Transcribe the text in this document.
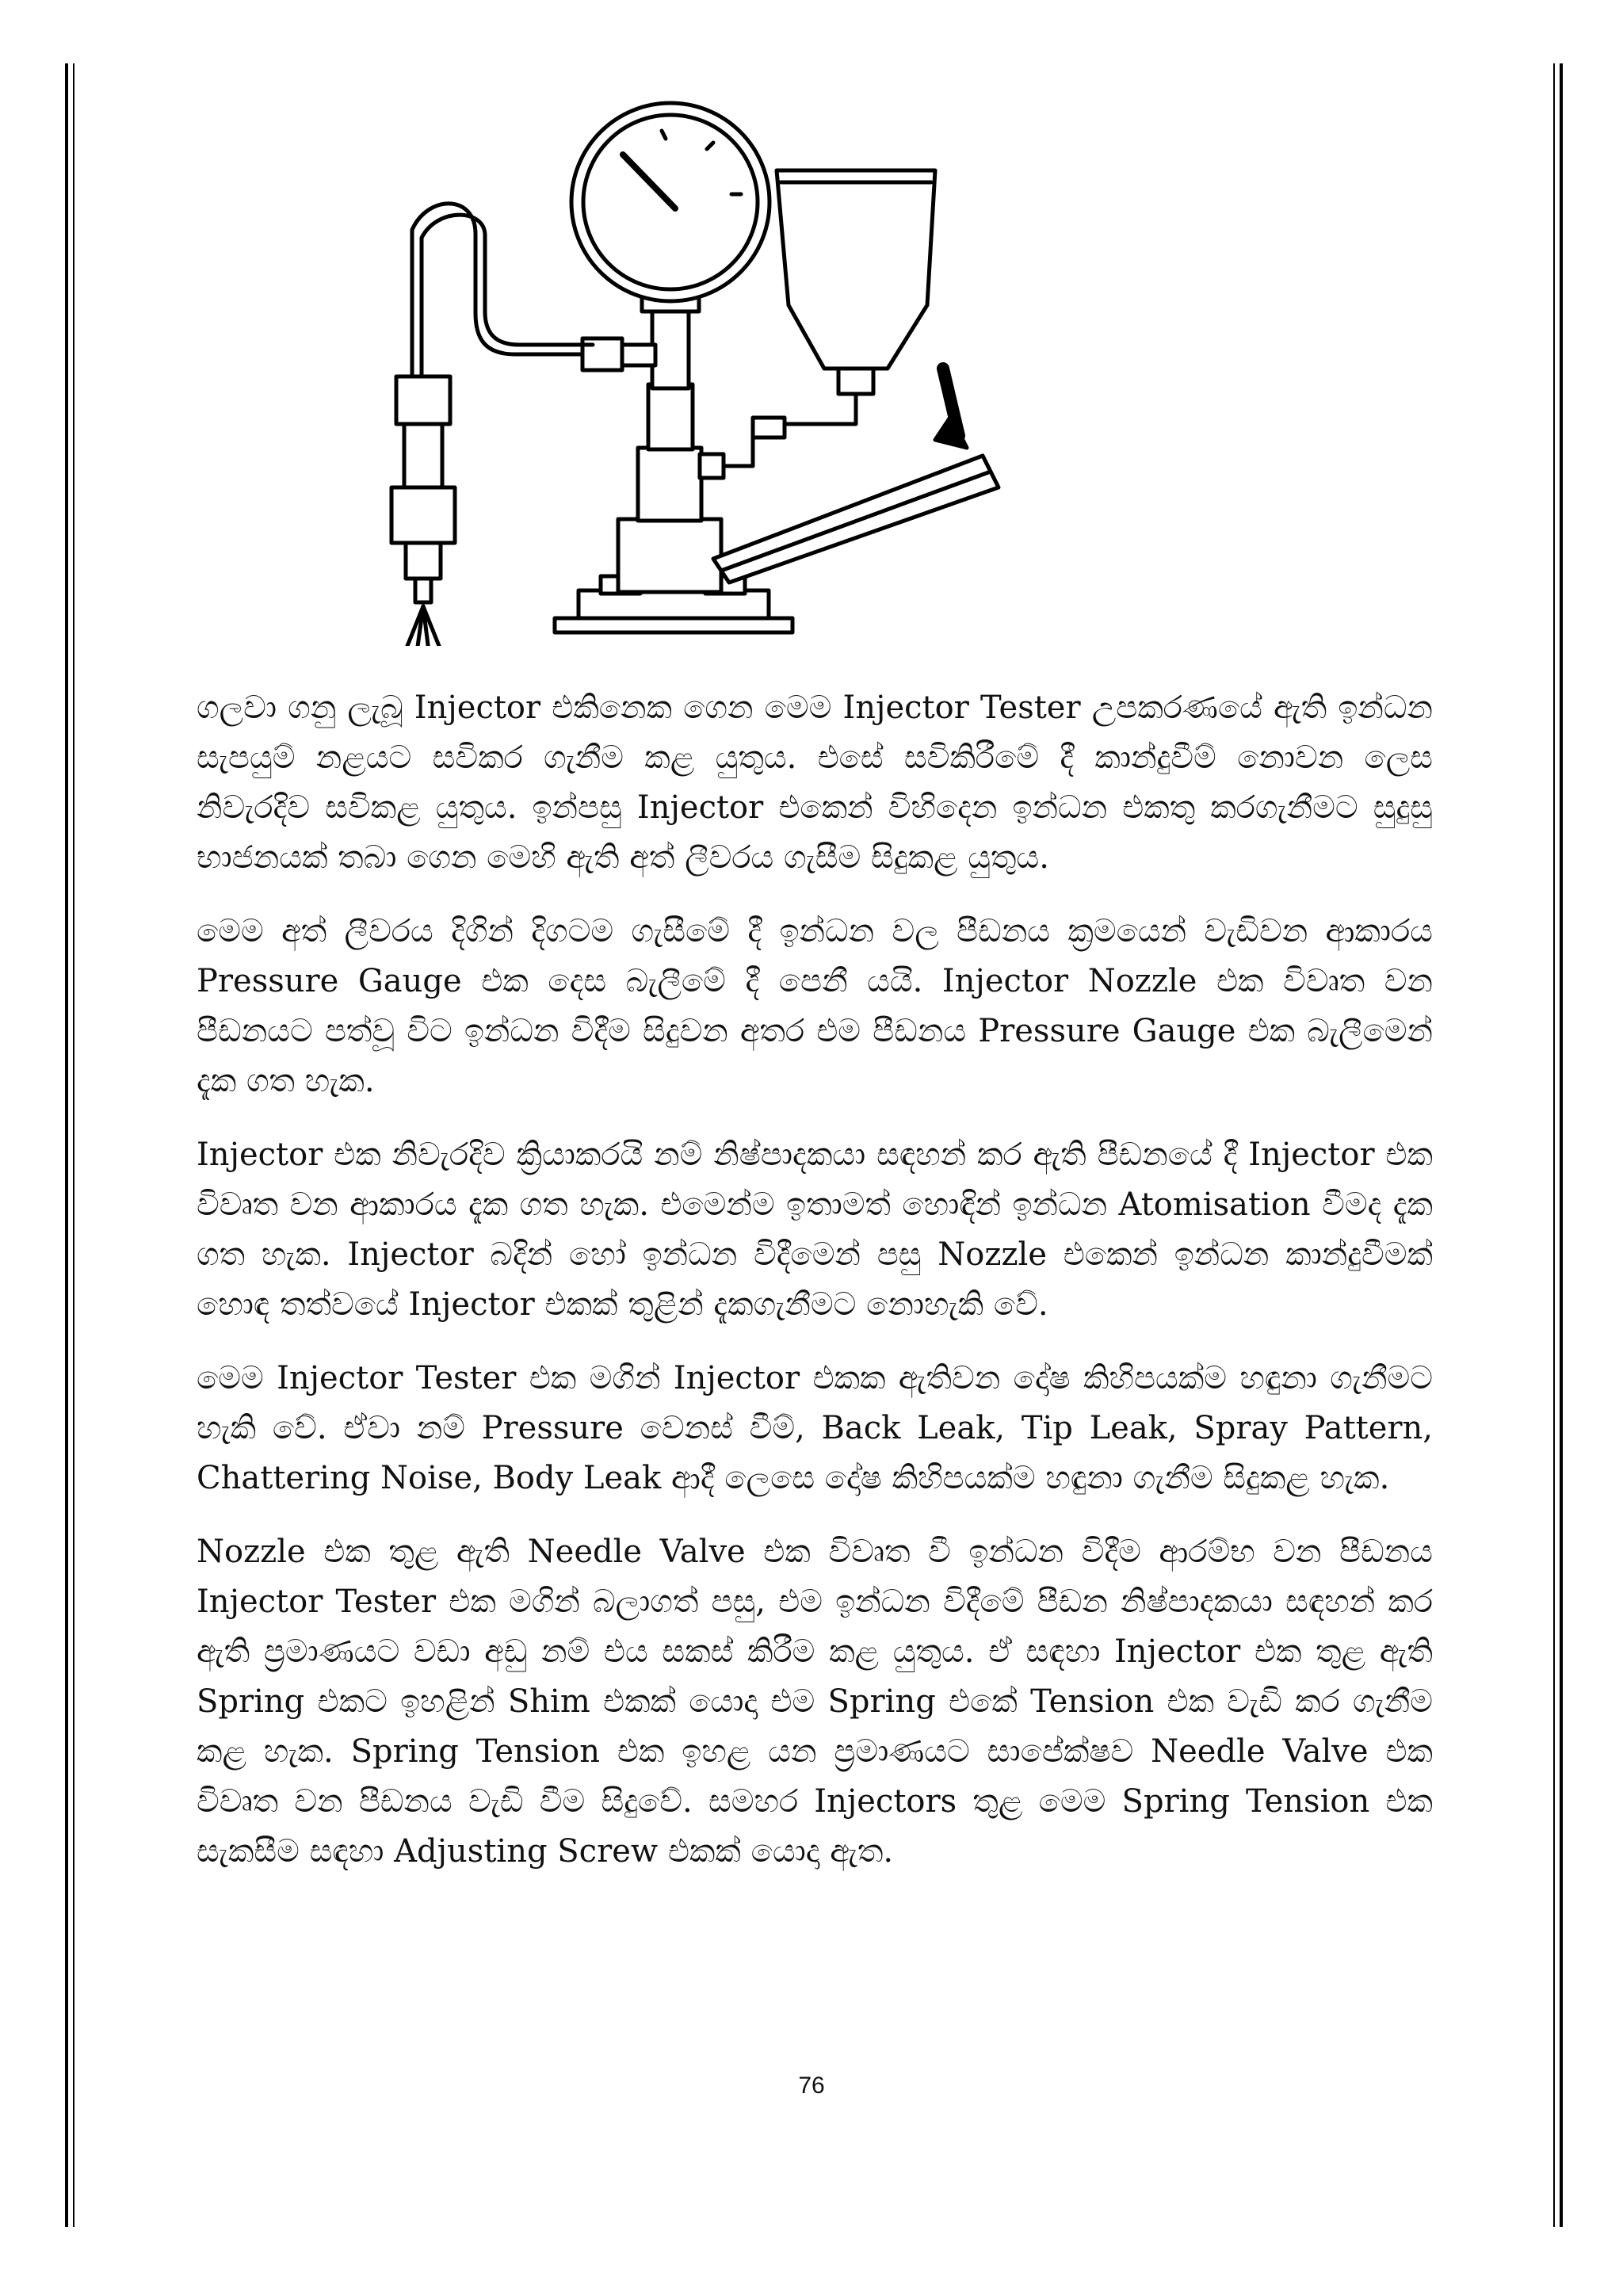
ගලවා ගනු ලැබූ Injector එකිනෙක ගෙන මෙම Injector Tester උපකරණයේ ඇති ඉන්ධන සැපයුම් නළයට සවිකර ගැනීම කළ යුතුය. එසේ සවිකිරීමේ දී කාන්දුවීම් නොවන ලෙස නිවැරදිව සවිකළ යුතුය. ඉන්පසු Injector එකෙන් විහිදෙන ඉන්ධන එකතු කරගැනීමට සුදුසු භාජනයක් තබා ගෙන මෙහි ඇති අත් ලීවරය ගැසීම සිදුකළ යුතුය.

මෙම අත් ලීවරය දිගින් දිගටම ගැසීමේ දී ඉන්ධන වල පීඩනය ක්‍රමයෙන් වැඩිවන ආකාරය Pressure Gauge එක දෙස බැලීමේ දී පෙනී යයි. Injector Nozzle එක විවෘත වන පීඩනයට පත්වූ විට ඉන්ධන විදීම සිදුවන අතර එම පීඩනය Pressure Gauge එක බැලීමෙන් දැක ගත හැක.

Injector එක නිවැරදිව ක්‍රියාකරයි නම් නිෂ්පාදකයා සඳහන් කර ඇති පීඩනයේ දී Injector එක විවෘත වන ආකාරය දැක ගත හැක. එමෙන්ම ඉතාමත් හොඳින් ඉන්ධන Atomisation වීමද දැක ගත හැක. Injector බදින් හෝ ඉන්ධන විදීමෙන් පසු Nozzle එකෙන් ඉන්ධන කාන්දුවීමක් හොඳ තත්වයේ Injector එකක් තුළින් දැකගැනීමට නොහැකි වේ.

මෙම Injector Tester එක මගින් Injector එකක ඇතිවන දෝෂ කිහිපයක්ම හඳුනා ගැනීමට හැකි වේ. ඒවා නම් Pressure වෙනස් වීම්, Back Leak, Tip Leak, Spray Pattern, Chattering Noise, Body Leak ආදී ලෙසෙ දෝෂ කිහිපයක්ම හඳුනා ගැනීම සිදුකළ හැක.

Nozzle එක තුළ ඇති Needle Valve එක විවෘත වී ඉන්ධන විදීම ආරම්භ වන පීඩනය Injector Tester එක මගින් බලාගත් පසු, එම ඉන්ධන විදීමේ පීඩන නිෂ්පාදකයා සඳහන් කර ඇති ප්‍රමාණයට වඩා අඩු නම් එය සකස් කිරීම කළ යුතුය. ඒ සඳහා Injector එක තුළ ඇති Spring එකට ඉහළින් Shim එකක් යොදා එම Spring එකේ Tension එක වැඩි කර ගැනීම කළ හැක. Spring Tension එක ඉහළ යන ප්‍රමාණයට සාපේක්ෂව Needle Valve එක විවෘත වන පීඩනය වැඩි වීම සිදුවේ. සමහර Injectors තුළ මෙම Spring Tension එක සැකසීම සඳහා Adjusting Screw එකක් යොදා ඇත.

76
